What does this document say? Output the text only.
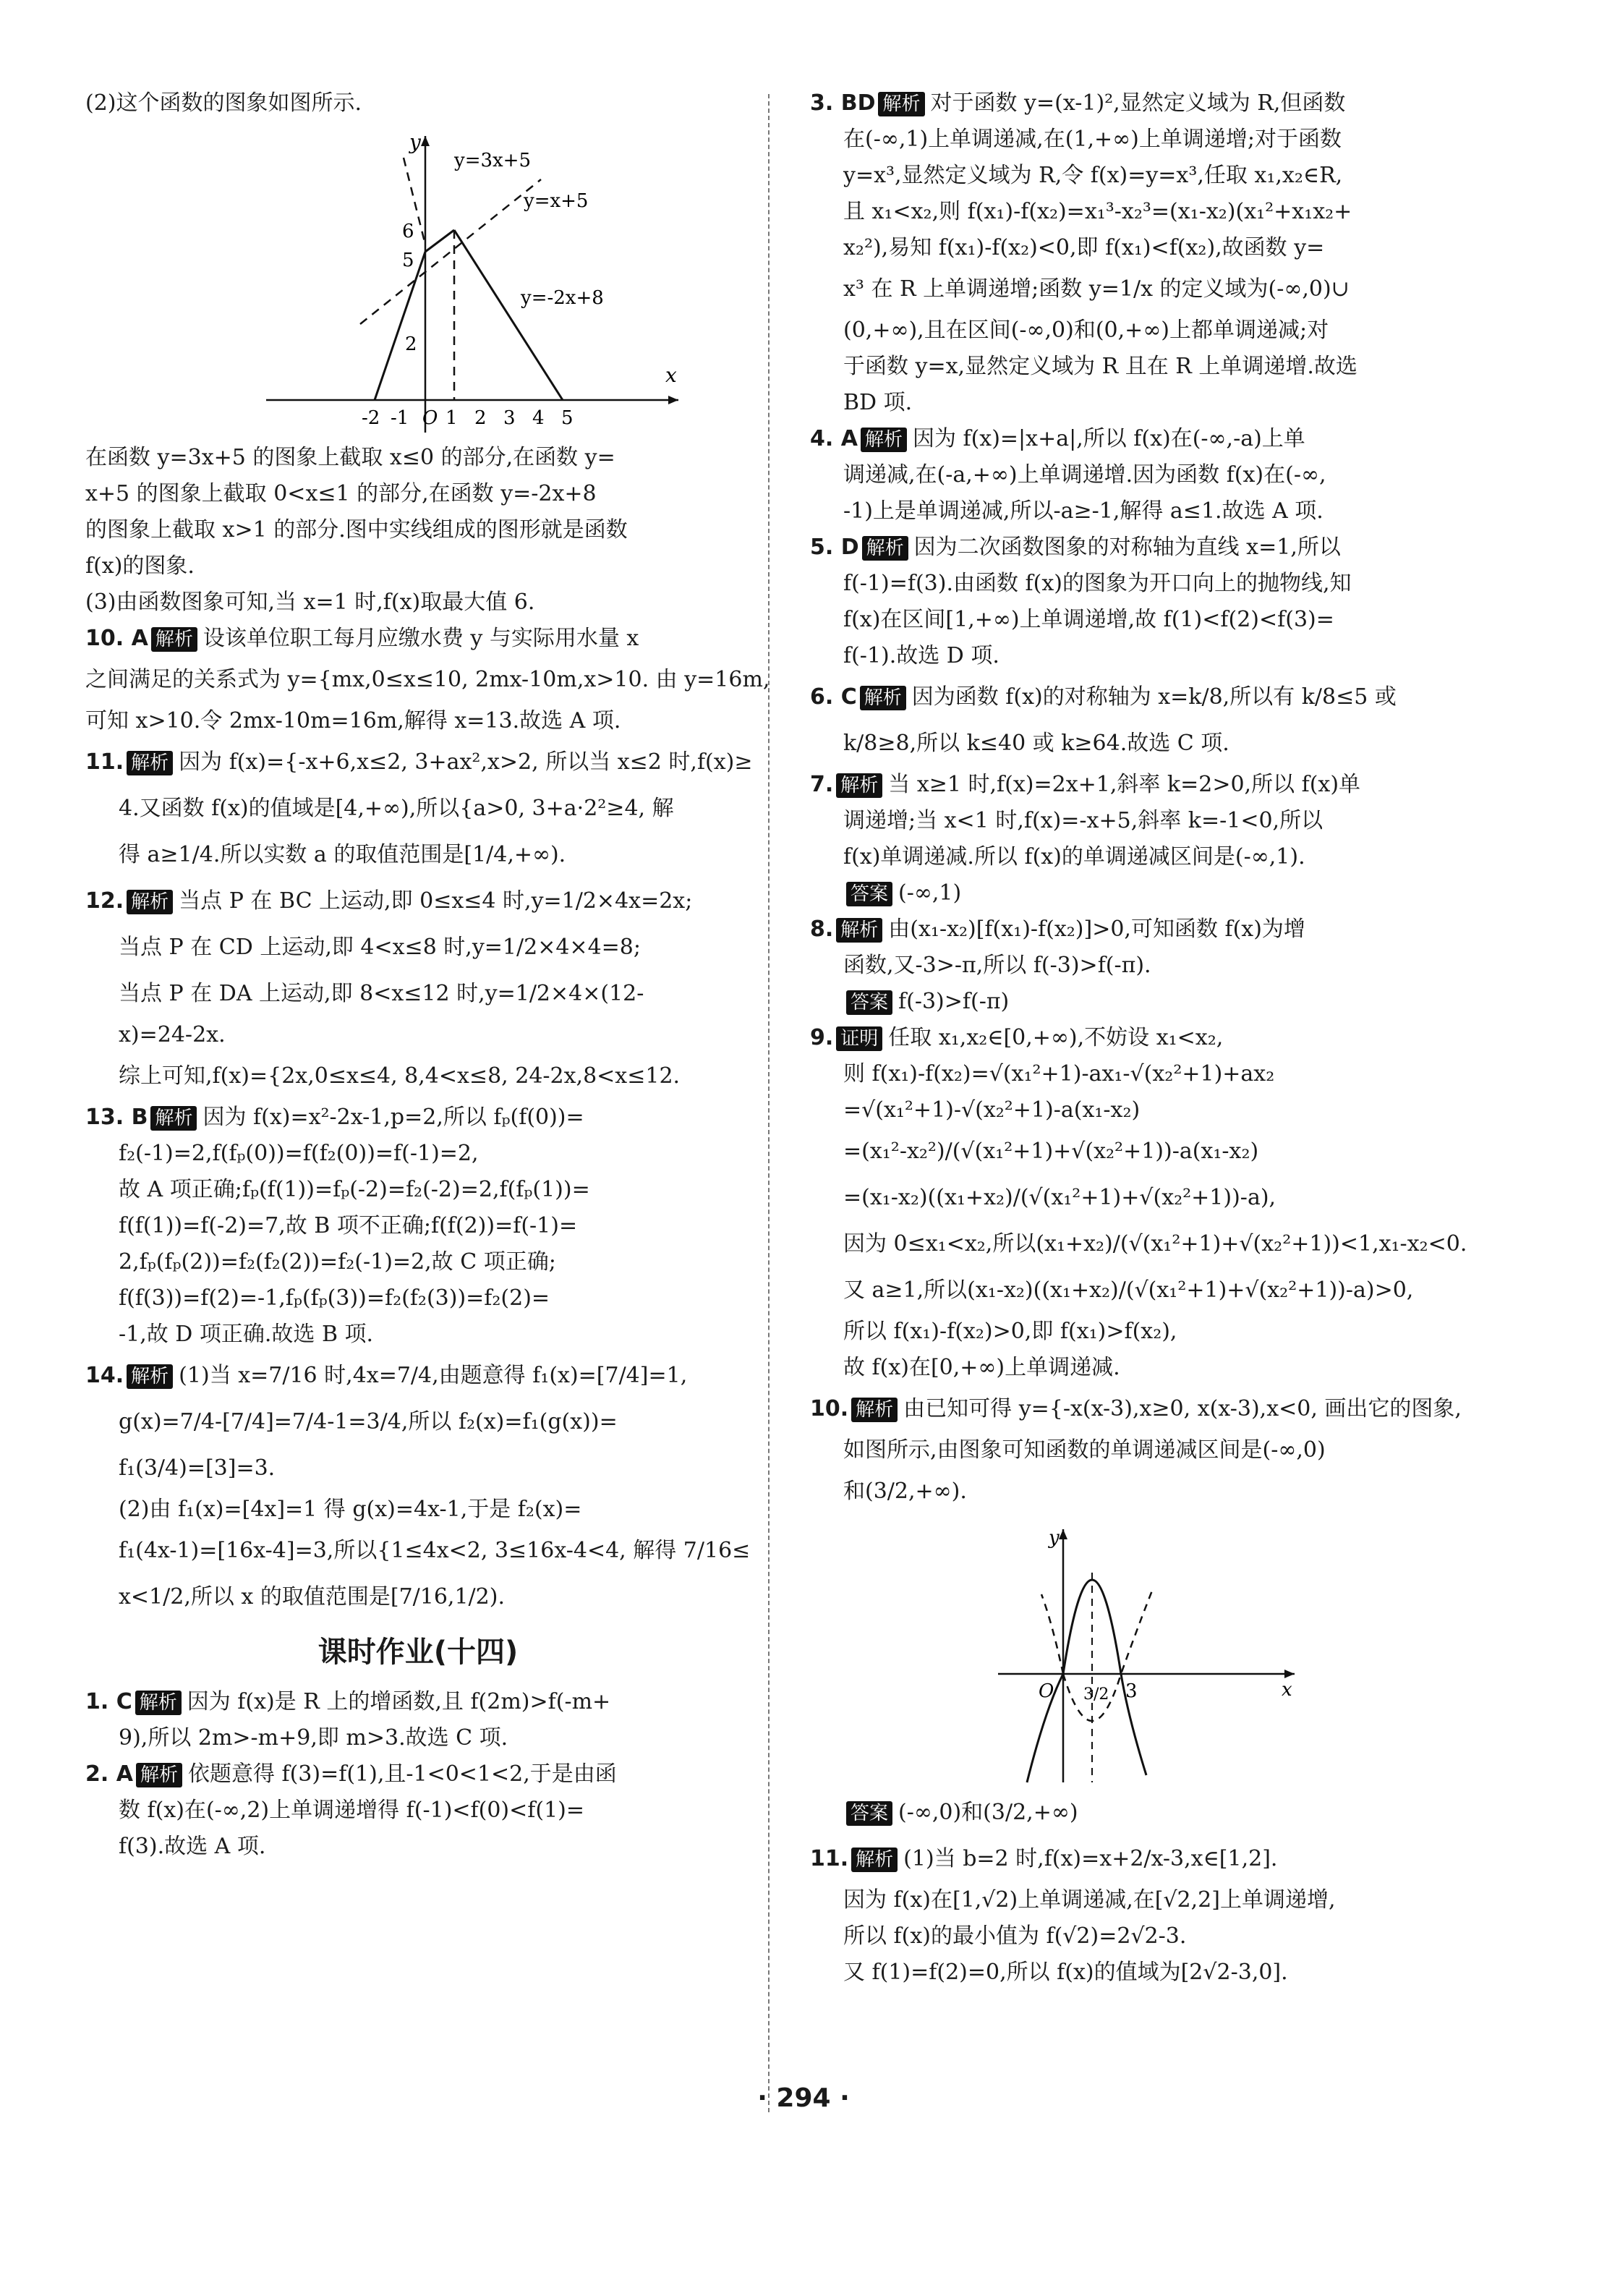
(2)这个函数的图象如图所示.

y
x
y=3x+5
y=x+5
y=-2x+8
6
5
2
-2 -1 O 1 2 3 4 5

在函数 y=3x+5 的图象上截取 x≤0 的部分,在函数 y=

x+5 的图象上截取 0<x≤1 的部分,在函数 y=-2x+8

的图象上截取 x>1 的部分.图中实线组成的图形就是函数

f(x)的图象.

(3)由函数图象可知,当 x=1 时,f(x)取最大值 6.

10. A 解析 设该单位职工每月应缴水费 y 与实际用水量 x

之间满足的关系式为 y={mx,0≤x≤10, 2mx-10m,x>10. 由 y=16m,

可知 x>10.令 2mx-10m=16m,解得 x=13.故选 A 项.

11. 解析 因为 f(x)={-x+6,x≤2, 3+ax²,x>2, 所以当 x≤2 时,f(x)≥

4.又函数 f(x)的值域是[4,+∞),所以{a>0, 3+a·2²≥4, 解

得 a≥1/4.所以实数 a 的取值范围是[1/4,+∞).

12. 解析 当点 P 在 BC 上运动,即 0≤x≤4 时,y=1/2×4x=2x;

当点 P 在 CD 上运动,即 4<x≤8 时,y=1/2×4×4=8;

当点 P 在 DA 上运动,即 8<x≤12 时,y=1/2×4×(12-

x)=24-2x.

综上可知,f(x)={2x,0≤x≤4, 8,4<x≤8, 24-2x,8<x≤12.

13. B 解析 因为 f(x)=x²-2x-1,p=2,所以 fₚ(f(0))=

f₂(-1)=2,f(fₚ(0))=f(f₂(0))=f(-1)=2,

故 A 项正确;fₚ(f(1))=fₚ(-2)=f₂(-2)=2,f(fₚ(1))=

f(f(1))=f(-2)=7,故 B 项不正确;f(f(2))=f(-1)=

2,fₚ(fₚ(2))=f₂(f₂(2))=f₂(-1)=2,故 C 项正确;

f(f(3))=f(2)=-1,fₚ(fₚ(3))=f₂(f₂(3))=f₂(2)=

-1,故 D 项正确.故选 B 项.

14. 解析 (1)当 x=7/16 时,4x=7/4,由题意得 f₁(x)=[7/4]=1,

g(x)=7/4-[7/4]=7/4-1=3/4,所以 f₂(x)=f₁(g(x))=

f₁(3/4)=[3]=3.

(2)由 f₁(x)=[4x]=1 得 g(x)=4x-1,于是 f₂(x)=

f₁(4x-1)=[16x-4]=3,所以{1≤4x<2, 3≤16x-4<4, 解得 7/16≤

x<1/2,所以 x 的取值范围是[7/16,1/2).

课时作业(十四)

1. C 解析 因为 f(x)是 R 上的增函数,且 f(2m)>f(-m+

9),所以 2m>-m+9,即 m>3.故选 C 项.

2. A 解析 依题意得 f(3)=f(1),且-1<0<1<2,于是由函

数 f(x)在(-∞,2)上单调递增得 f(-1)<f(0)<f(1)=

f(3).故选 A 项.

3. BD 解析 对于函数 y=(x-1)²,显然定义域为 R,但函数

在(-∞,1)上单调递减,在(1,+∞)上单调递增;对于函数

y=x³,显然定义域为 R,令 f(x)=y=x³,任取 x₁,x₂∈R,

且 x₁<x₂,则 f(x₁)-f(x₂)=x₁³-x₂³=(x₁-x₂)(x₁²+x₁x₂+

x₂²),易知 f(x₁)-f(x₂)<0,即 f(x₁)<f(x₂),故函数 y=

x³ 在 R 上单调递增;函数 y=1/x 的定义域为(-∞,0)∪

(0,+∞),且在区间(-∞,0)和(0,+∞)上都单调递减;对

于函数 y=x,显然定义域为 R 且在 R 上单调递增.故选

BD 项.

4. A 解析 因为 f(x)=|x+a|,所以 f(x)在(-∞,-a)上单

调递减,在(-a,+∞)上单调递增.因为函数 f(x)在(-∞,

-1)上是单调递减,所以-a≥-1,解得 a≤1.故选 A 项.

5. D 解析 因为二次函数图象的对称轴为直线 x=1,所以

f(-1)=f(3).由函数 f(x)的图象为开口向上的抛物线,知

f(x)在区间[1,+∞)上单调递增,故 f(1)<f(2)<f(3)=

f(-1).故选 D 项.

6. C 解析 因为函数 f(x)的对称轴为 x=k/8,所以有 k/8≤5 或

k/8≥8,所以 k≤40 或 k≥64.故选 C 项.

7. 解析 当 x≥1 时,f(x)=2x+1,斜率 k=2>0,所以 f(x)单

调递增;当 x<1 时,f(x)=-x+5,斜率 k=-1<0,所以

f(x)单调递减.所以 f(x)的单调递减区间是(-∞,1).

答案 (-∞,1)

8. 解析 由(x₁-x₂)[f(x₁)-f(x₂)]>0,可知函数 f(x)为增

函数,又-3>-π,所以 f(-3)>f(-π).

答案 f(-3)>f(-π)

9. 证明 任取 x₁,x₂∈[0,+∞),不妨设 x₁<x₂,

则 f(x₁)-f(x₂)=√(x₁²+1)-ax₁-√(x₂²+1)+ax₂

=√(x₁²+1)-√(x₂²+1)-a(x₁-x₂)

=(x₁²-x₂²)/(√(x₁²+1)+√(x₂²+1))-a(x₁-x₂)

=(x₁-x₂)((x₁+x₂)/(√(x₁²+1)+√(x₂²+1))-a),

因为 0≤x₁<x₂,所以(x₁+x₂)/(√(x₁²+1)+√(x₂²+1))<1,x₁-x₂<0.

又 a≥1,所以(x₁-x₂)((x₁+x₂)/(√(x₁²+1)+√(x₂²+1))-a)>0,

所以 f(x₁)-f(x₂)>0,即 f(x₁)>f(x₂),

故 f(x)在[0,+∞)上单调递减.

10. 解析 由已知可得 y={-x(x-3),x≥0, x(x-3),x<0, 画出它的图象,

如图所示,由图象可知函数的单调递减区间是(-∞,0)

和(3/2,+∞).

y
x
O 3/2 3

答案 (-∞,0)和(3/2,+∞)

11. 解析 (1)当 b=2 时,f(x)=x+2/x-3,x∈[1,2].

因为 f(x)在[1,√2)上单调递减,在[√2,2]上单调递增,

所以 f(x)的最小值为 f(√2)=2√2-3.

又 f(1)=f(2)=0,所以 f(x)的值域为[2√2-3,0].

· 294 ·
